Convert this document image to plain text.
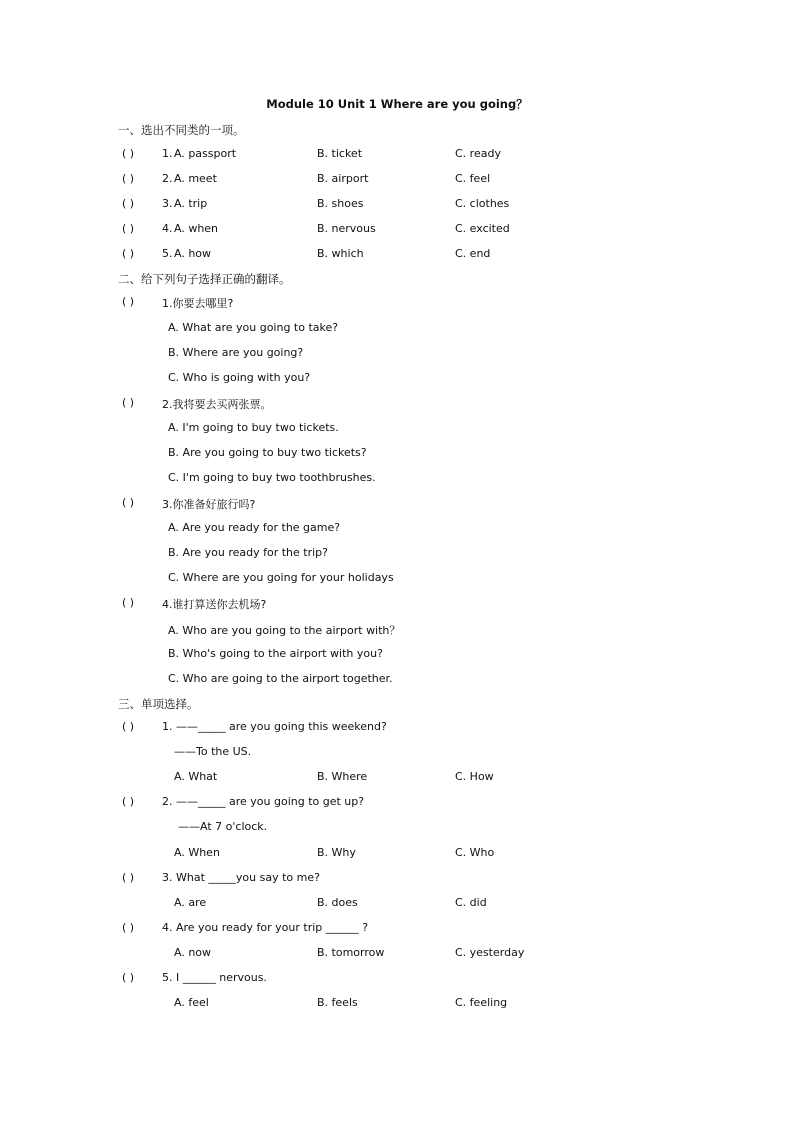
Module 10 Unit 1 Where are you going？
一、选出不同类的一项。
( )	1. A. passport	B. ticket	C. ready
( )	2. A. meet	B. airport	C. feel
( )	3. A. trip	B. shoes	C. clothes
( )	4. A. when	B. nervous	C. excited
( )	5. A. how	B. which	C. end
二、给下列句子选择正确的翻译。
( )	1.你要去哪里?
A. What are you going to take?
B. Where are you going?
C. Who is going with you?
( )	2.我将要去买两张票。
A. I'm going to buy two tickets.
B. Are you going to buy two tickets?
C. I'm going to buy two toothbrushes.
( )	3.你准备好旅行吗?
A. Are you ready for the game?
B. Are you ready for the trip?
C. Where are you going for your holidays
( )	4.谁打算送你去机场?
A. Who are you going to the airport with？
B. Who's going to the airport with you?
C. Who are going to the airport together.
三、单项选择。
( )	1. ——_____ are you going this weekend?
——To the US.
A. What	B. Where	C. How
( )	2. ——_____ are you going to get up?
——At 7 o'clock.
A. When	B. Why	C. Who
( )	3. What _____you say to me?
A. are	B. does	C. did
( )	4. Are you ready for your trip ______ ?
A. now	B. tomorrow	C. yesterday
( )	5. I ______ nervous.
A. feel	B. feels	C. feeling
